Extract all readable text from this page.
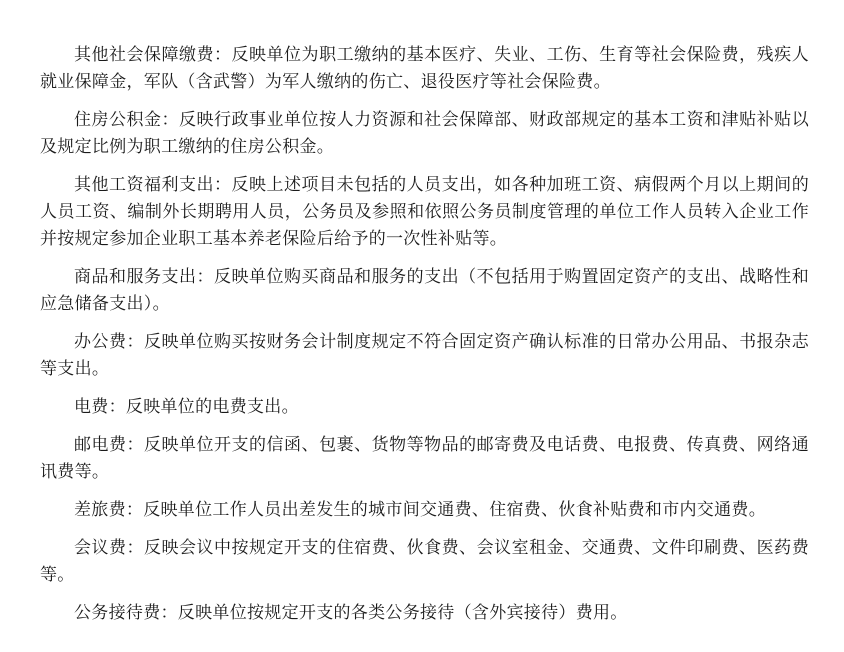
其他社会保障缴费：反映单位为职工缴纳的基本医疗、失业、工伤、生育等社会保险费，残疾人就业保障金，军队（含武警）为军人缴纳的伤亡、退役医疗等社会保险费。

住房公积金：反映行政事业单位按人力资源和社会保障部、财政部规定的基本工资和津贴补贴以及规定比例为职工缴纳的住房公积金。

其他工资福利支出：反映上述项目未包括的人员支出，如各种加班工资、病假两个月以上期间的人员工资、编制外长期聘用人员，公务员及参照和依照公务员制度管理的单位工作人员转入企业工作并按规定参加企业职工基本养老保险后给予的一次性补贴等。

商品和服务支出：反映单位购买商品和服务的支出（不包括用于购置固定资产的支出、战略性和应急储备支出）。

办公费：反映单位购买按财务会计制度规定不符合固定资产确认标准的日常办公用品、书报杂志等支出。

电费：反映单位的电费支出。

邮电费：反映单位开支的信函、包裹、货物等物品的邮寄费及电话费、电报费、传真费、网络通讯费等。

差旅费：反映单位工作人员出差发生的城市间交通费、住宿费、伙食补贴费和市内交通费。

会议费：反映会议中按规定开支的住宿费、伙食费、会议室租金、交通费、文件印刷费、医药费等。

公务接待费：反映单位按规定开支的各类公务接待（含外宾接待）费用。
